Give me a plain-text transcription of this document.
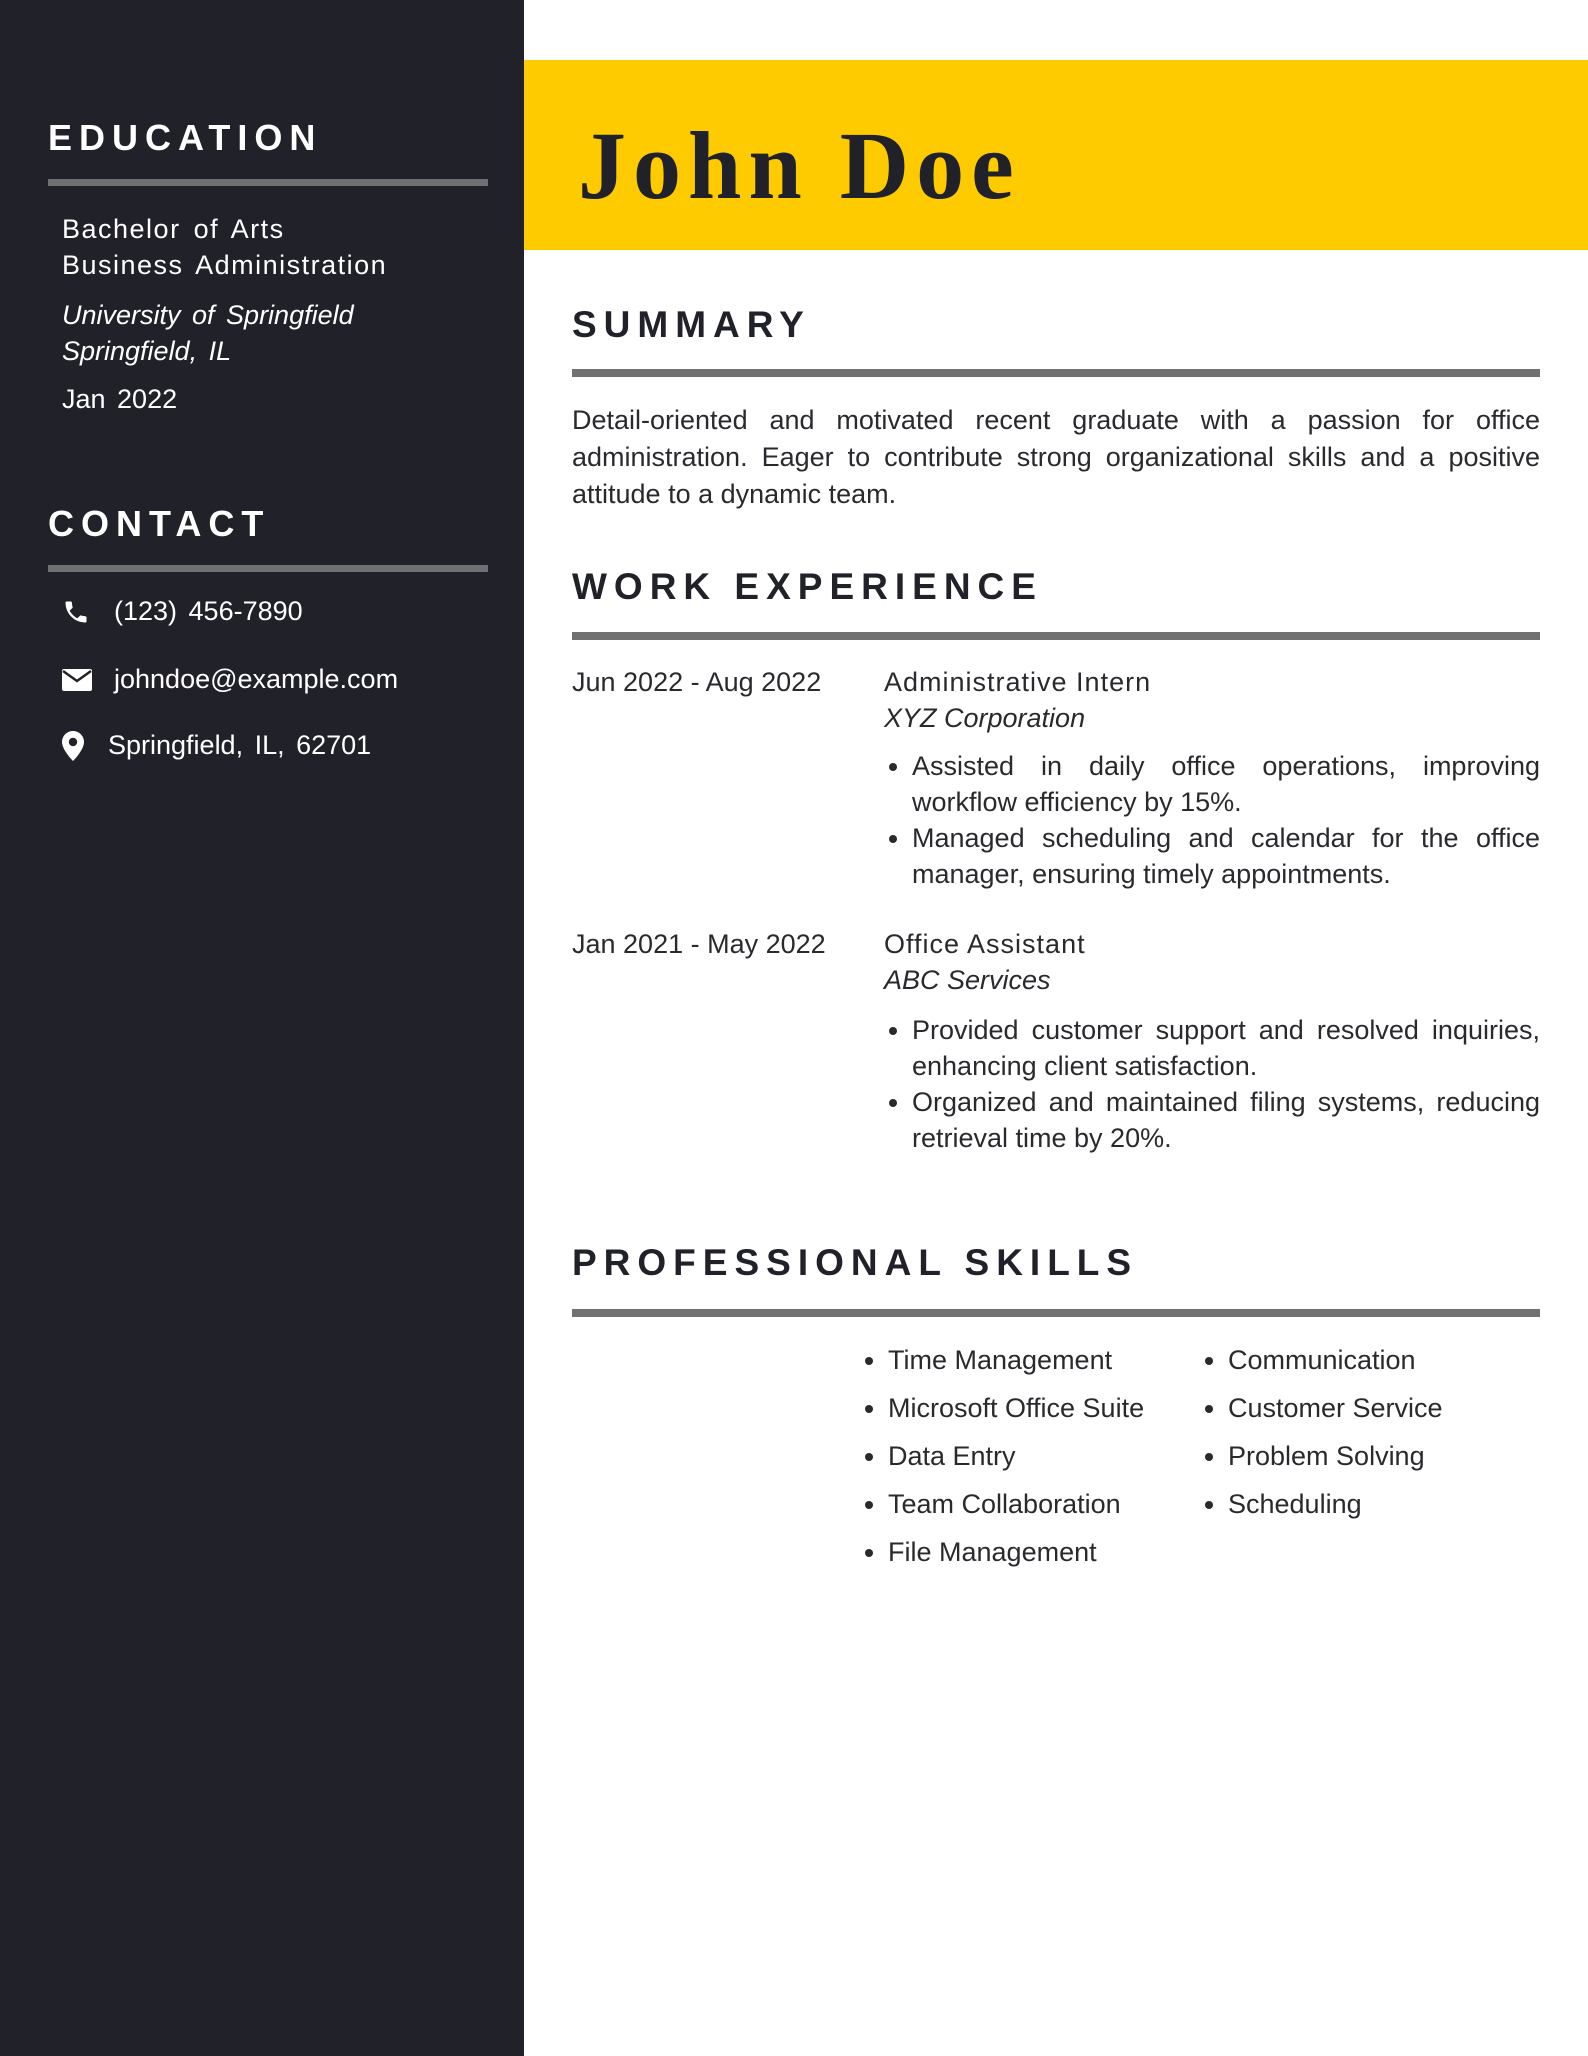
EDUCATION
Bachelor of Arts
Business Administration
University of Springfield
Springfield, IL
Jan 2022
CONTACT
(123) 456-7890
johndoe@example.com
Springfield, IL, 62701
John Doe
SUMMARY

Detail-oriented and motivated recent graduate with a passion for office administration. Eager to contribute strong organizational skills and a positive attitude to a dynamic team.

WORK EXPERIENCE
Jun 2022 - Aug 2022 Administrative Intern
XYZ Corporation
• Assisted in daily office operations, improving workflow efficiency by 15%.
• Managed scheduling and calendar for the office manager, ensuring timely appointments.
Jan 2021 - May 2022 Office Assistant
ABC Services
• Provided customer support and resolved inquiries, enhancing client satisfaction.
• Organized and maintained filing systems, reducing retrieval time by 20%.
PROFESSIONAL SKILLS
• Time Management
• Microsoft Office Suite
• Data Entry
• Team Collaboration
• File Management
• Communication
• Customer Service
• Problem Solving
• Scheduling
